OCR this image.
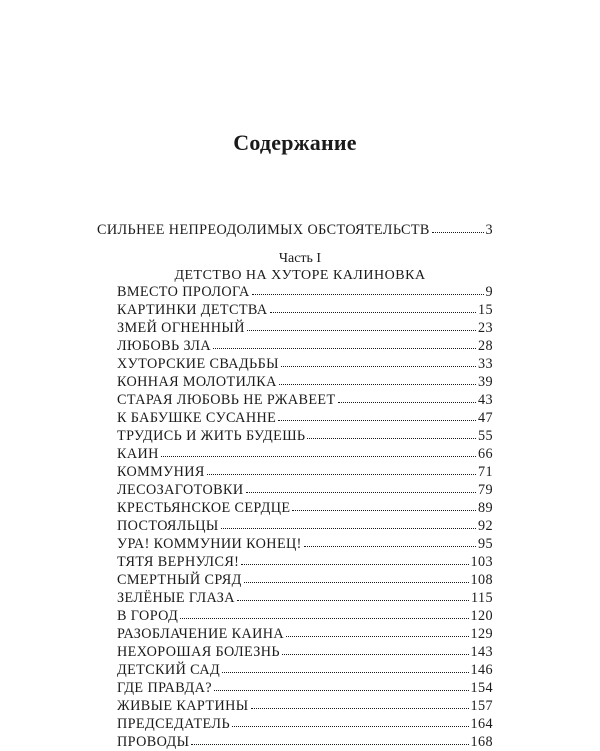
Содержание
СИЛЬНЕЕ НЕПРЕОДОЛИМЫХ ОБСТОЯТЕЛЬСТВ	3
Часть I
ДЕТСТВО НА ХУТОРЕ КАЛИНОВКА
ВМЕСТО ПРОЛОГА	9
КАРТИНКИ ДЕТСТВА	15
ЗМЕЙ ОГНЕННЫЙ	23
ЛЮБОВЬ ЗЛА	28
ХУТОРСКИЕ СВАДЬБЫ	33
КОННАЯ МОЛОТИЛКА	39
СТАРАЯ ЛЮБОВЬ НЕ РЖАВЕЕТ	43
К БАБУШКЕ СУСАННЕ	47
ТРУДИСЬ И ЖИТЬ БУДЕШЬ	55
КАИН	66
КОММУНИЯ	71
ЛЕСОЗАГОТОВКИ	79
КРЕСТЬЯНСКОЕ СЕРДЦЕ	89
ПОСТОЯЛЬЦЫ	92
УРА! КОММУНИИ КОНЕЦ!	95
ТЯТЯ ВЕРНУЛСЯ!	103
СМЕРТНЫЙ СРЯД	108
ЗЕЛЁНЫЕ ГЛАЗА	115
В ГОРОД	120
РАЗОБЛАЧЕНИЕ КАИНА	129
НЕХОРОШАЯ БОЛЕЗНЬ	143
ДЕТСКИЙ САД	146
ГДЕ ПРАВДА?	154
ЖИВЫЕ КАРТИНЫ	157
ПРЕДСЕДАТЕЛЬ	164
ПРОВОДЫ	168
